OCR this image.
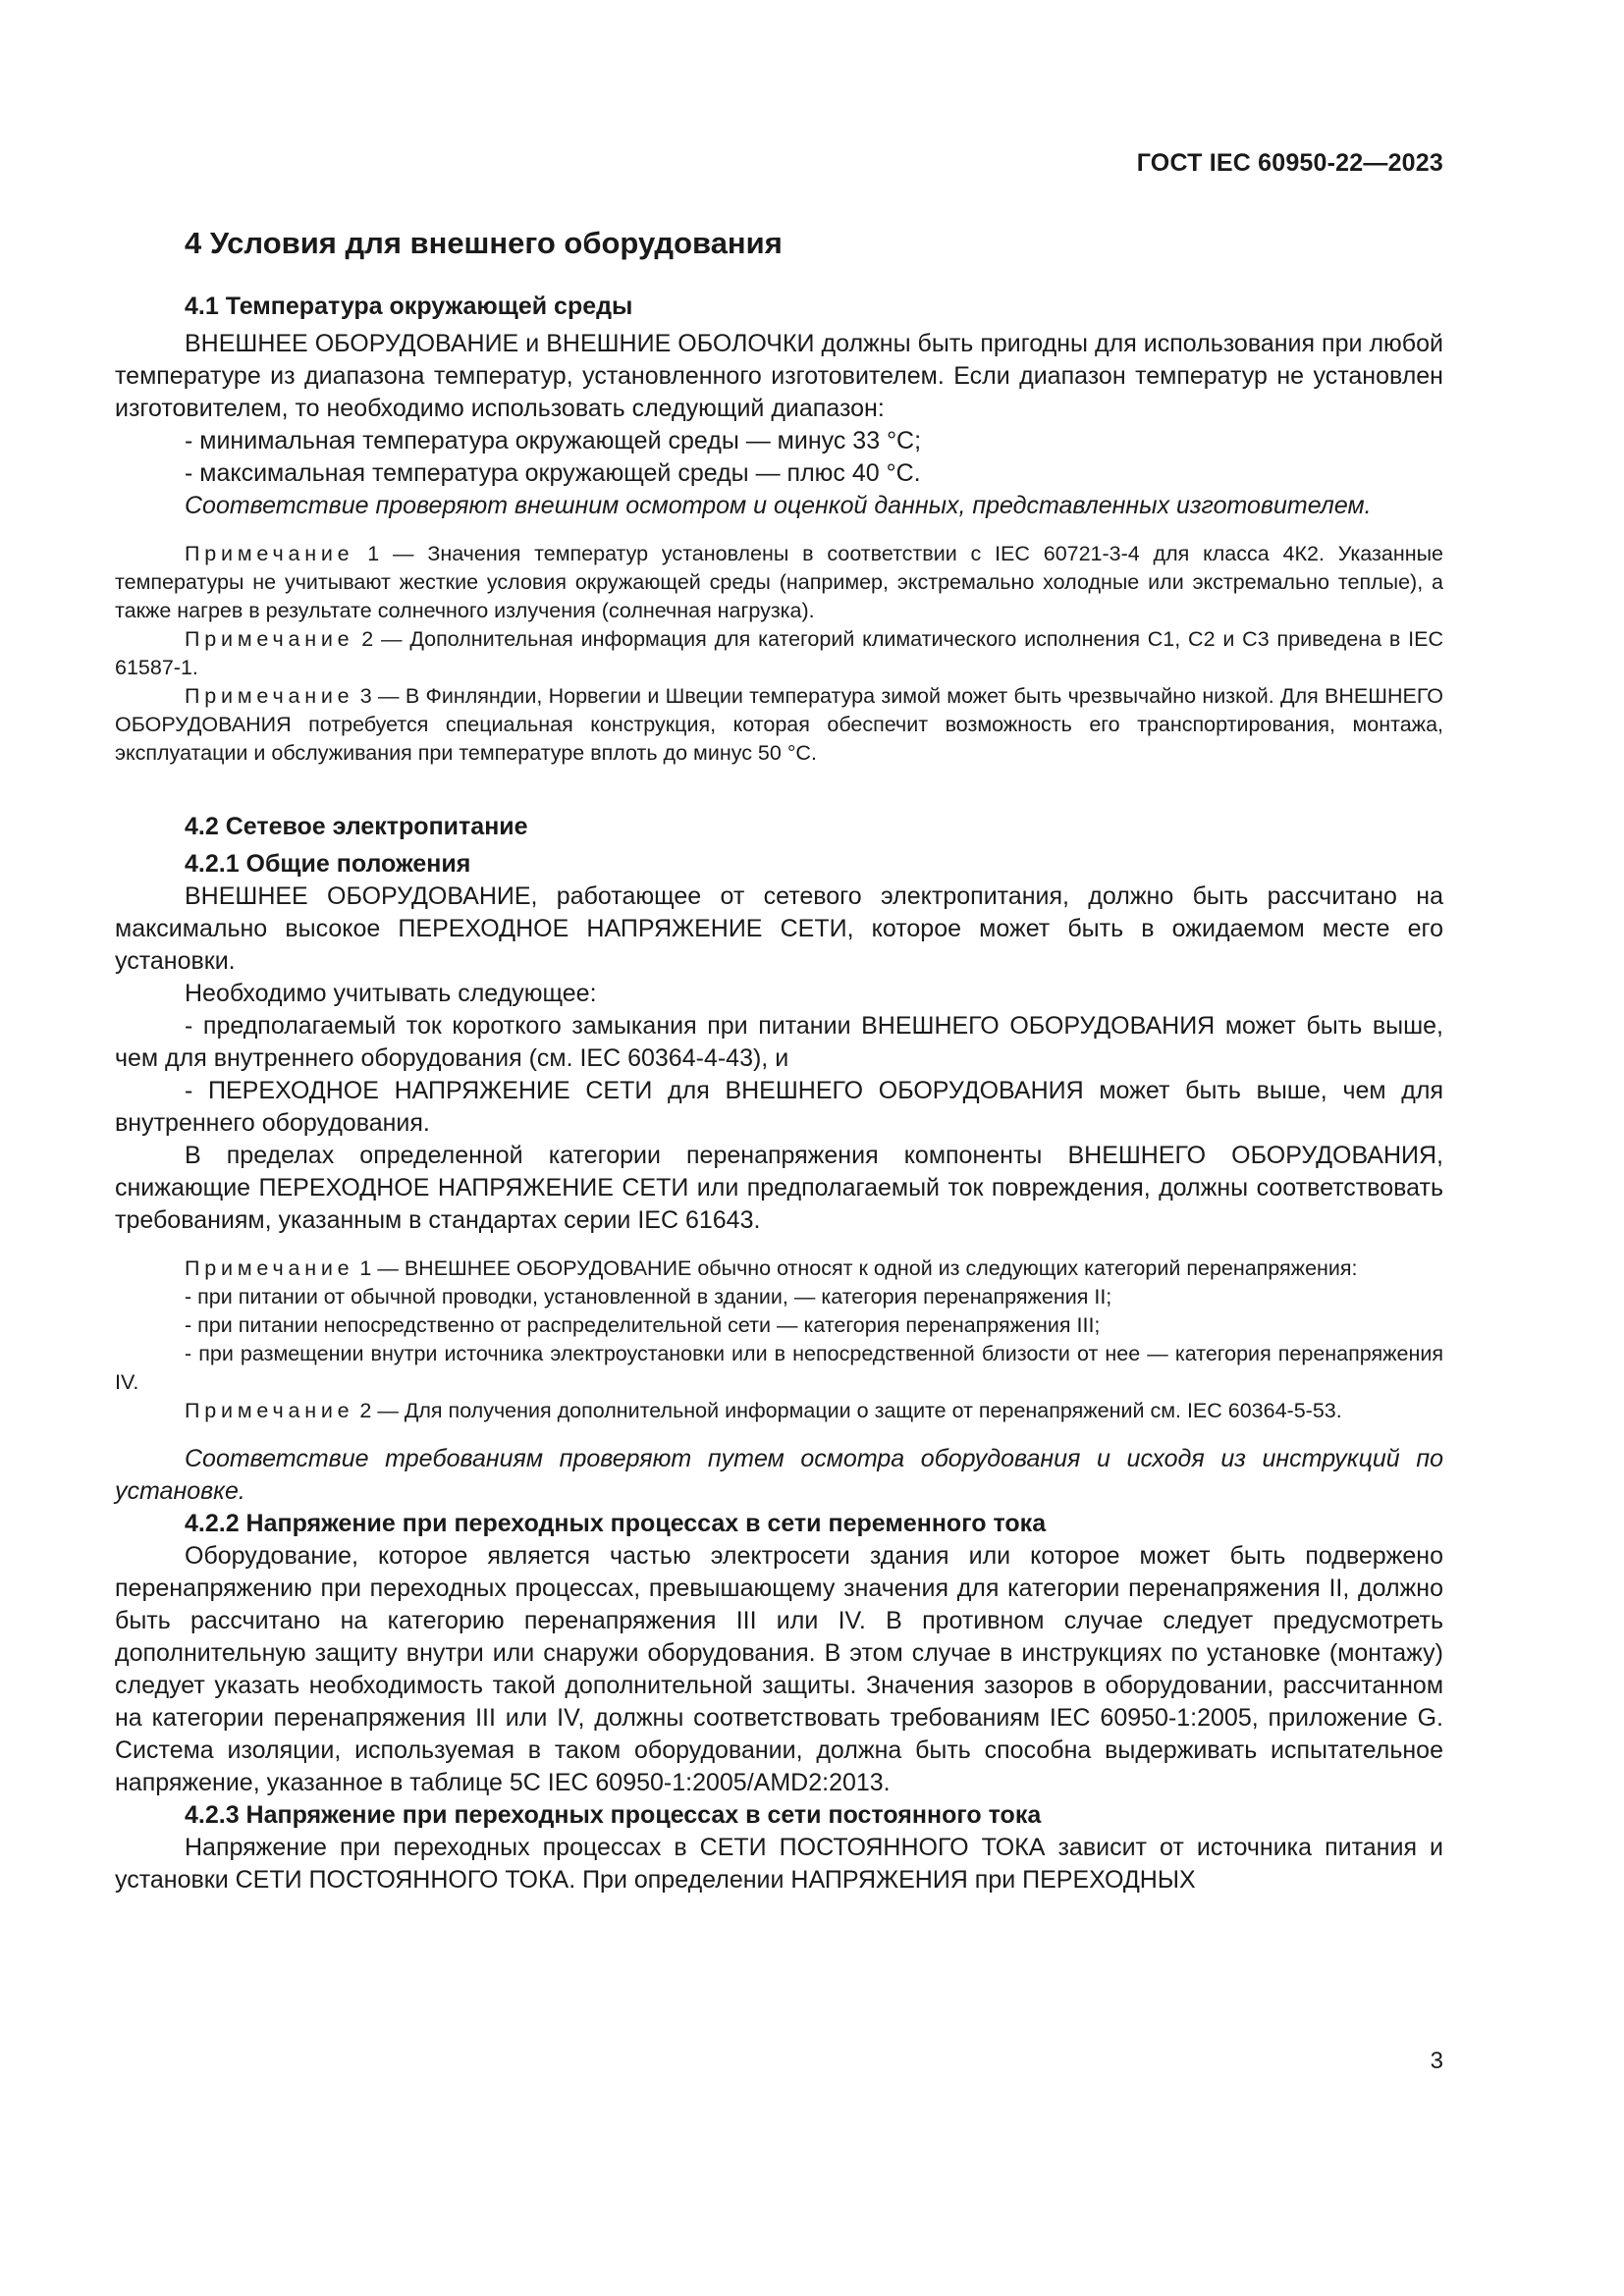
ГОСТ IEC 60950-22—2023
4 Условия для внешнего оборудования
4.1 Температура окружающей среды

ВНЕШНЕЕ ОБОРУДОВАНИЕ и ВНЕШНИЕ ОБОЛОЧКИ должны быть пригодны для использования при любой температуре из диапазона температур, установленного изготовителем. Если диапазон температур не установлен изготовителем, то необходимо использовать следующий диапазон:

- минимальная температура окружающей среды — минус 33 °С;

- максимальная температура окружающей среды — плюс 40 °С.

Соответствие проверяют внешним осмотром и оценкой данных, представленных изготовителем.

Примечание 1 — Значения температур установлены в соответствии с IEC 60721-3-4 для класса 4К2. Указанные температуры не учитывают жесткие условия окружающей среды (например, экстремально холодные или экстремально теплые), а также нагрев в результате солнечного излучения (солнечная нагрузка).
Примечание 2 — Дополнительная информация для категорий климатического исполнения С1, С2 и С3 приведена в IEC 61587-1.
Примечание 3 — В Финляндии, Норвегии и Швеции температура зимой может быть чрезвычайно низкой. Для ВНЕШНЕГО ОБОРУДОВАНИЯ потребуется специальная конструкция, которая обеспечит возможность его транспортирования, монтажа, эксплуатации и обслуживания при температуре вплоть до минус 50 °С.
4.2 Сетевое электропитание
4.2.1 Общие положения

ВНЕШНЕЕ ОБОРУДОВАНИЕ, работающее от сетевого электропитания, должно быть рассчитано на максимально высокое ПЕРЕХОДНОЕ НАПРЯЖЕНИЕ СЕТИ, которое может быть в ожидаемом месте его установки.

Необходимо учитывать следующее:

- предполагаемый ток короткого замыкания при питании ВНЕШНЕГО ОБОРУДОВАНИЯ может быть выше, чем для внутреннего оборудования (см. IEC 60364-4-43), и

- ПЕРЕХОДНОЕ НАПРЯЖЕНИЕ СЕТИ для ВНЕШНЕГО ОБОРУДОВАНИЯ может быть выше, чем для внутреннего оборудования.

В пределах определенной категории перенапряжения компоненты ВНЕШНЕГО ОБОРУДОВАНИЯ, снижающие ПЕРЕХОДНОЕ НАПРЯЖЕНИЕ СЕТИ или предполагаемый ток повреждения, должны соответствовать требованиям, указанным в стандартах серии IEC 61643.

Примечание 1 — ВНЕШНЕЕ ОБОРУДОВАНИЕ обычно относят к одной из следующих категорий перенапряжения:
- при питании от обычной проводки, установленной в здании, — категория перенапряжения II;
- при питании непосредственно от распределительной сети — категория перенапряжения III;
- при размещении внутри источника электроустановки или в непосредственной близости от нее — категория перенапряжения IV.
Примечание 2 — Для получения дополнительной информации о защите от перенапряжений см. IEC 60364-5-53.

Соответствие требованиям проверяют путем осмотра оборудования и исходя из инструкций по установке.

4.2.2 Напряжение при переходных процессах в сети переменного тока

Оборудование, которое является частью электросети здания или которое может быть подвержено перенапряжению при переходных процессах, превышающему значения для категории перенапряжения II, должно быть рассчитано на категорию перенапряжения III или IV. В противном случае следует предусмотреть дополнительную защиту внутри или снаружи оборудования. В этом случае в инструкциях по установке (монтажу) следует указать необходимость такой дополнительной защиты. Значения зазоров в оборудовании, рассчитанном на категории перенапряжения III или IV, должны соответствовать требованиям IEC 60950-1:2005, приложение G. Система изоляции, используемая в таком оборудовании, должна быть способна выдерживать испытательное напряжение, указанное в таблице 5С IEC 60950-1:2005/AMD2:2013.

4.2.3 Напряжение при переходных процессах в сети постоянного тока

Напряжение при переходных процессах в СЕТИ ПОСТОЯННОГО ТОКА зависит от источника питания и установки СЕТИ ПОСТОЯННОГО ТОКА. При определении НАПРЯЖЕНИЯ при ПЕРЕХОДНЫХ

3
